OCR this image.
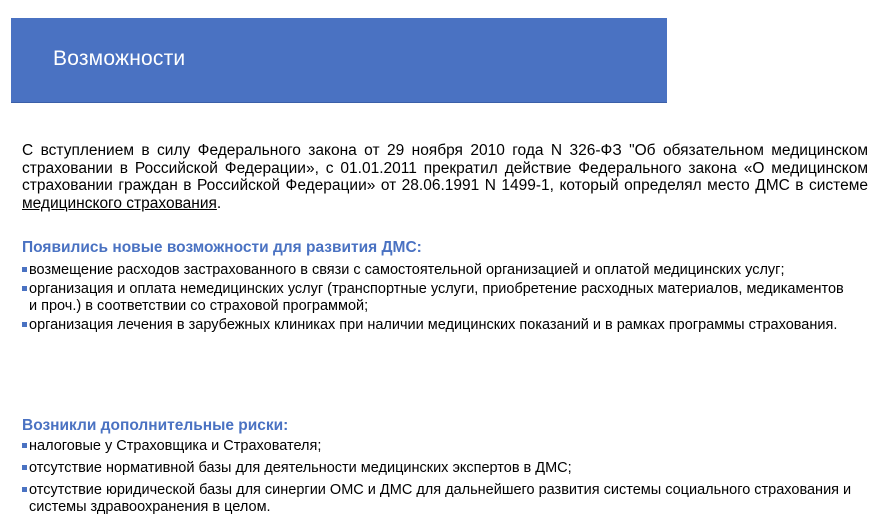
Возможности

С вступлением в силу Федерального закона от 29 ноября 2010 года N 326-ФЗ "Об обязательном медицинском страховании в Российской Федерации», с 01.01.2011 прекратил действие Федерального закона «О медицинском страховании граждан в Российской Федерации» от 28.06.1991 N 1499-1, который определял место ДМС в системе медицинского страхования.

Появились новые возможности для развития ДМС:
возмещение расходов застрахованного в связи с самостоятельной организацией и оплатой медицинских услуг;
организация и оплата немедицинских услуг (транспортные услуги, приобретение расходных материалов, медикаментов и проч.) в соответствии со страховой программой;
организация лечения в зарубежных клиниках при наличии медицинских показаний и в рамках программы страхования.
Возникли дополнительные риски:
налоговые у Страховщика и Страхователя;
отсутствие нормативной базы для деятельности медицинских экспертов в ДМС;
отсутствие юридической базы для синергии ОМС и ДМС для дальнейшего развития системы социального страхования и системы здравоохранения в целом.
